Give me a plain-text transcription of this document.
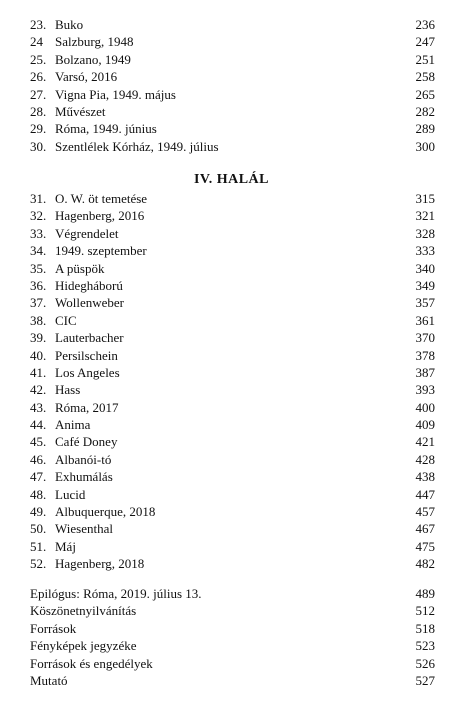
23. Buko	236
24 Salzburg, 1948	247
25. Bolzano, 1949	251
26. Varsó, 2016	258
27. Vigna Pia, 1949. május	265
28. Művészet	282
29. Róma, 1949. június	289
30. Szentlélek Kórház, 1949. július	300
IV. HALÁL
31. O. W. öt temetése	315
32. Hagenberg, 2016	321
33. Végrendelet	328
34. 1949. szeptember	333
35. A püspök	340
36. Hidegháború	349
37. Wollenweber	357
38. CIC	361
39. Lauterbacher	370
40. Persilschein	378
41. Los Angeles	387
42. Hass	393
43. Róma, 2017	400
44. Anima	409
45. Café Doney	421
46. Albanói-tó	428
47. Exhumálás	438
48. Lucid	447
49. Albuquerque, 2018	457
50. Wiesenthal	467
51. Máj	475
52. Hagenberg, 2018	482
Epilógus: Róma, 2019. július 13.	489
Köszönetnyilvánítás	512
Források	518
Fényképek jegyzéke	523
Források és engedélyek	526
Mutató	527
